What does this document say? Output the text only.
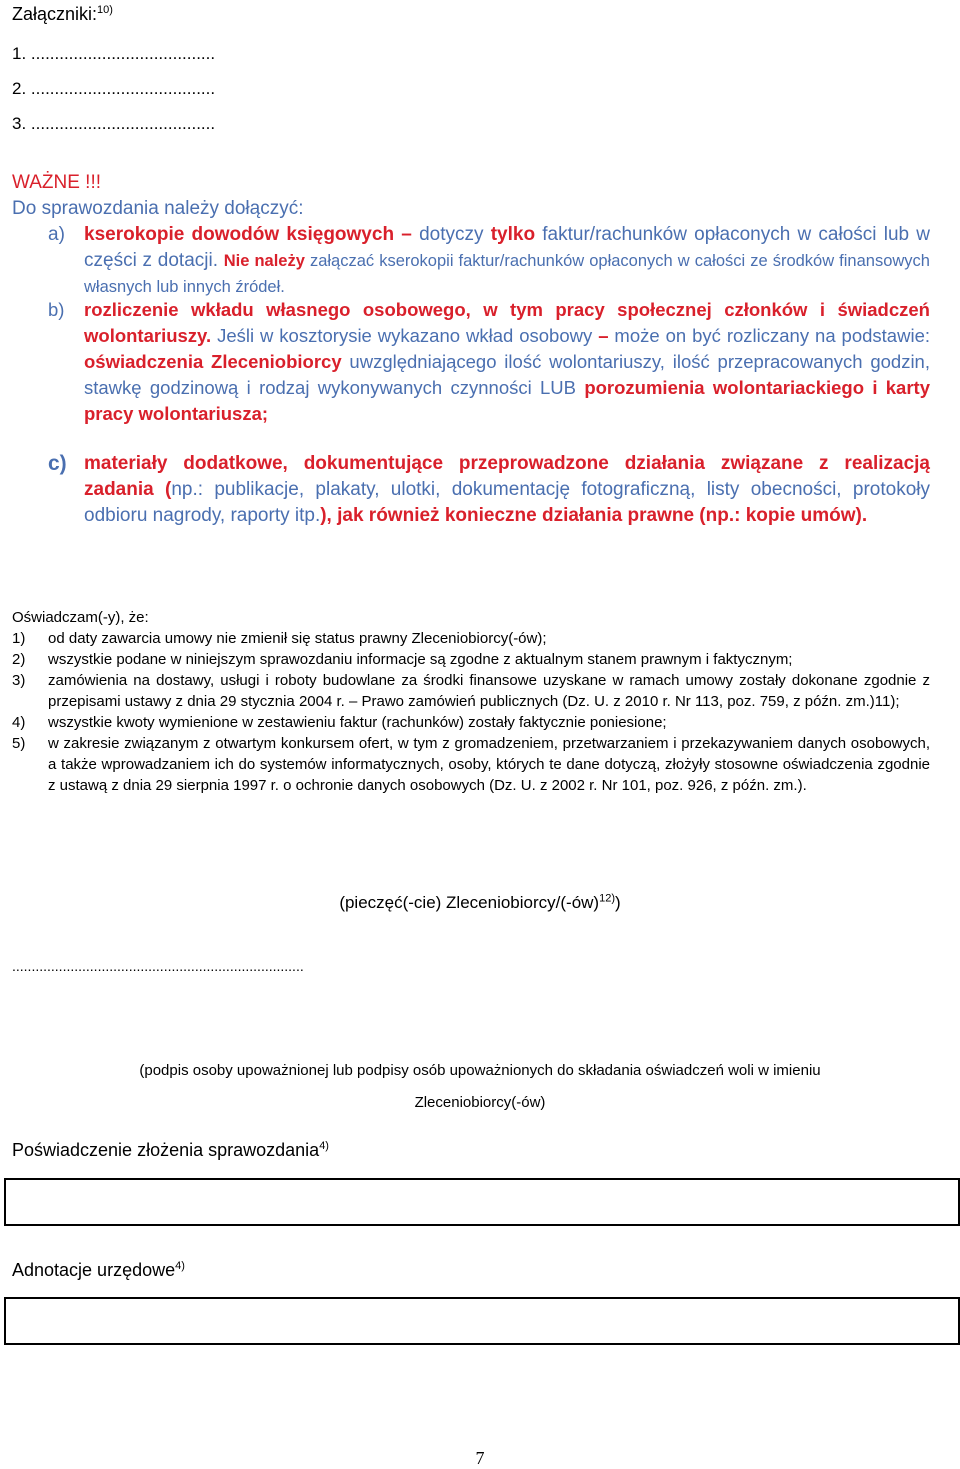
Załączniki:$^{10)}$
1. .......................................
2. .......................................
3. .......................................
WAŻNE !!!
Do sprawozdania należy dołączyć:
a) kserokopie dowodów księgowych – dotyczy tylko faktur/rachunków opłaconych w całości lub w części z dotacji. Nie należy załączać kserokopii faktur/rachunków opłaconych w całości ze środków finansowych własnych lub innych źródeł.
b) rozliczenie wkładu własnego osobowego, w tym pracy społecznej członków i świadczeń wolontariuszy. Jeśli w kosztorysie wykazano wkład osobowy – może on być rozliczany na podstawie: oświadczenia Zleceniobiorcy uwzględniającego ilość wolontariuszy, ilość przepracowanych godzin, stawkę godzinową i rodzaj wykonywanych czynności LUB porozumienia wolontariackiego i karty pracy wolontariusza;
c) materiały dodatkowe, dokumentujące przeprowadzone działania związane z realizacją zadania (np.: publikacje, plakaty, ulotki, dokumentację fotograficzną, listy obecności, protokoły odbioru nagrody, raporty itp.), jak również konieczne działania prawne (np.: kopie umów).
Oświadczam(-y), że:
1) od daty zawarcia umowy nie zmienił się status prawny Zleceniobiorcy(-ów);
2) wszystkie podane w niniejszym sprawozdaniu informacje są zgodne z aktualnym stanem prawnym i faktycznym;
3) zamówienia na dostawy, usługi i roboty budowlane za środki finansowe uzyskane w ramach umowy zostały dokonane zgodnie z przepisami ustawy z dnia 29 stycznia 2004 r. – Prawo zamówień publicznych (Dz. U. z 2010 r. Nr 113, poz. 759, z późn. zm.)11);
4) wszystkie kwoty wymienione w zestawieniu faktur (rachunków) zostały faktycznie poniesione;
5) w zakresie związanym z otwartym konkursem ofert, w tym z gromadzeniem, przetwarzaniem i przekazywaniem danych osobowych, a także wprowadzaniem ich do systemów informatycznych, osoby, których te dane dotyczą, złożyły stosowne oświadczenia zgodnie z ustawą z dnia 29 sierpnia 1997 r. o ochronie danych osobowych (Dz. U. z 2002 r. Nr 101, poz. 926, z późn. zm.).
(pieczęć(-cie) Zleceniobiorcy/(-ów)$^{12)}$)
...........................................................................
(podpis osoby upoważnionej lub podpisy osób upoważnionych do składania oświadczeń woli w imieniu
Zleceniobiorcy(-ów)
Poświadczenie złożenia sprawozdania$^{4)}$
Adnotacje urzędowe$^{4)}$
7
